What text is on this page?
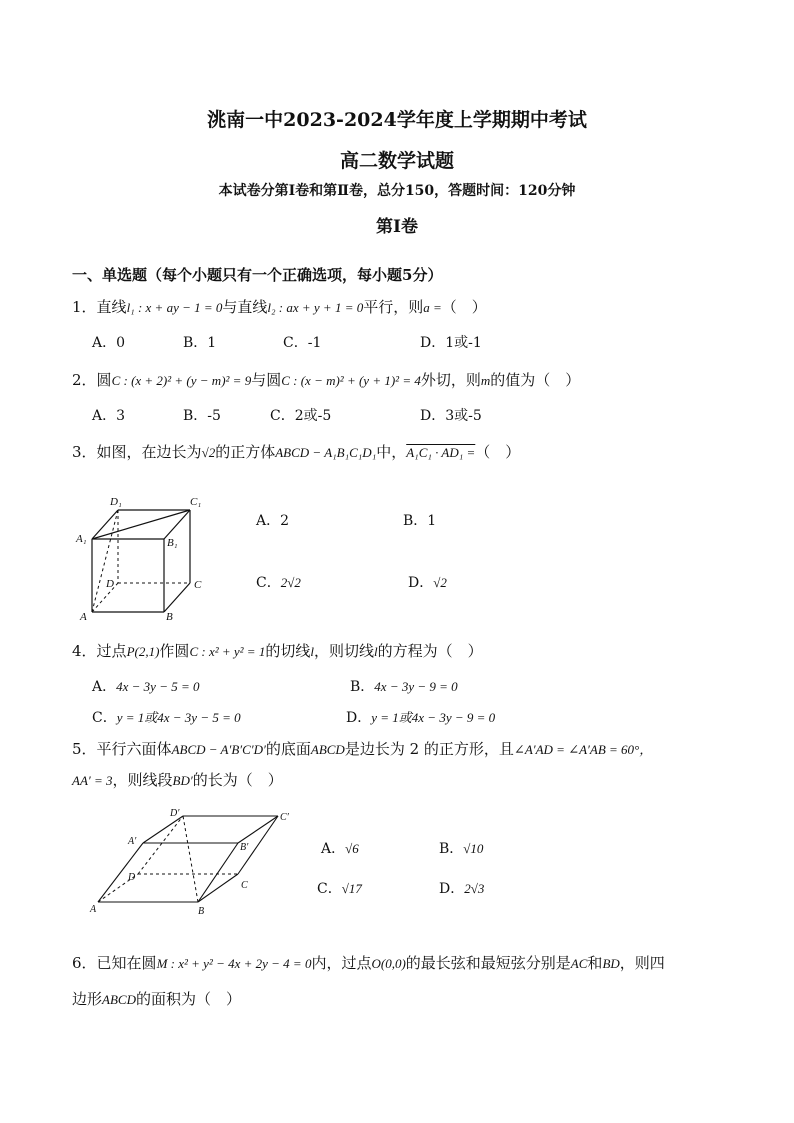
洮南一中2023-2024学年度上学期期中考试
高二数学试题
本试卷分第Ⅰ卷和第Ⅱ卷，总分150，答题时间：120分钟
第Ⅰ卷
一、单选题（每个小题只有一个正确选项，每小题5分）
1．直线l₁ : x + ay − 1 = 0与直线l₂ : ax + y + 1 = 0平行，则a =（　）
A．0	B．1	C．-1	D．1或-1
2．圆C : (x + 2)² + (y − m)² = 9与圆C : (x − m)² + (y + 1)² = 4外切，则m的值为（　）
A．3	B．-5	C．2或-5	D．3或-5
3．如图，在边长为√2的正方体ABCD − A₁B₁C₁D₁中，A₁C₁ · AD₁ =（　）
D₁	C₁
A₁	B₁
D	C
A	B
A．2	B．1
C．2√2	D．√2
4．过点P(2,1)作圆C : x² + y² = 1的切线l，则切线l的方程为（　）
A．4x − 3y − 5 = 0	B．4x − 3y − 9 = 0
C．y = 1或4x − 3y − 5 = 0	D．y = 1或4x − 3y − 9 = 0
5．平行六面体ABCD − A′B′C′D′的底面ABCD是边长为 2 的正方形，且∠A′AD = ∠A′AB = 60°，
AA′ = 3，则线段BD′的长为（　）
D′	C′
A′
B′
D
C
A	B
A．√6	B．√10
C．√17	D．2√3
6．已知在圆M : x² + y² − 4x + 2y − 4 = 0内，过点O(0,0)的最长弦和最短弦分别是AC和BD，则四
边形ABCD的面积为（　）
